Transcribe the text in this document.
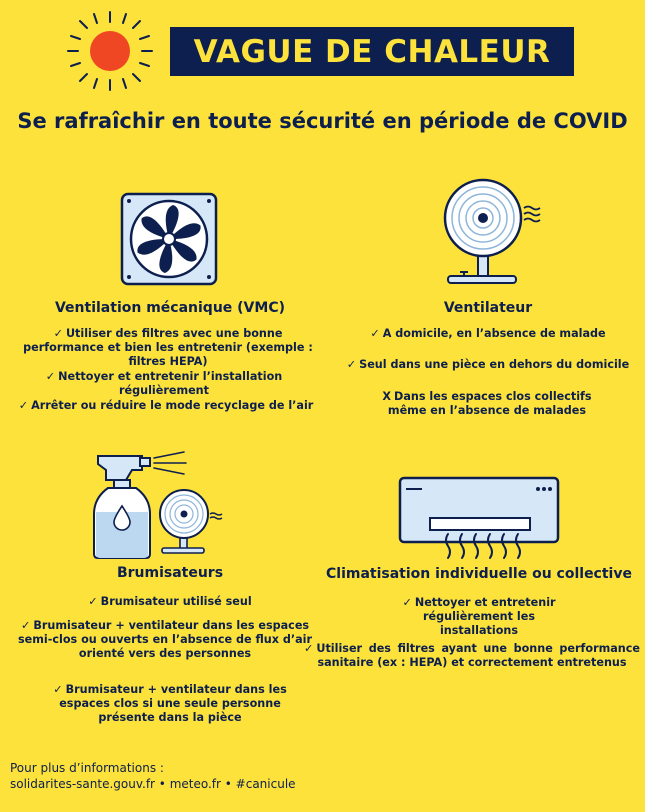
VAGUE DE CHALEUR
Se rafraîchir en toute sécurité en période de COVID
Ventilation mécanique (VMC)
✓ Utiliser des filtres avec une bonne performance et bien les entretenir (exemple : filtres HEPA)
✓ Nettoyer et entretenir l’installation régulièrement
✓ Arrêter ou réduire le mode recyclage de l’air
Ventilateur
✓ A domicile, en l’absence de malade
✓ Seul dans une pièce en dehors du domicile
X Dans les espaces clos collectifs même en l’absence de malades
Brumisateurs
✓ Brumisateur utilisé seul
✓ Brumisateur + ventilateur dans les espaces semi-clos ou ouverts en l’absence de flux d’air orienté vers des personnes
✓ Brumisateur + ventilateur dans les espaces clos si une seule personne présente dans la pièce
Climatisation individuelle ou collective
✓ Nettoyer et entretenir régulièrement les installations
✓ Utiliser des filtres ayant une bonne performance sanitaire (ex : HEPA) et correctement entretenus
Pour plus d’informations :
solidarites-sante.gouv.fr • meteo.fr • #canicule
